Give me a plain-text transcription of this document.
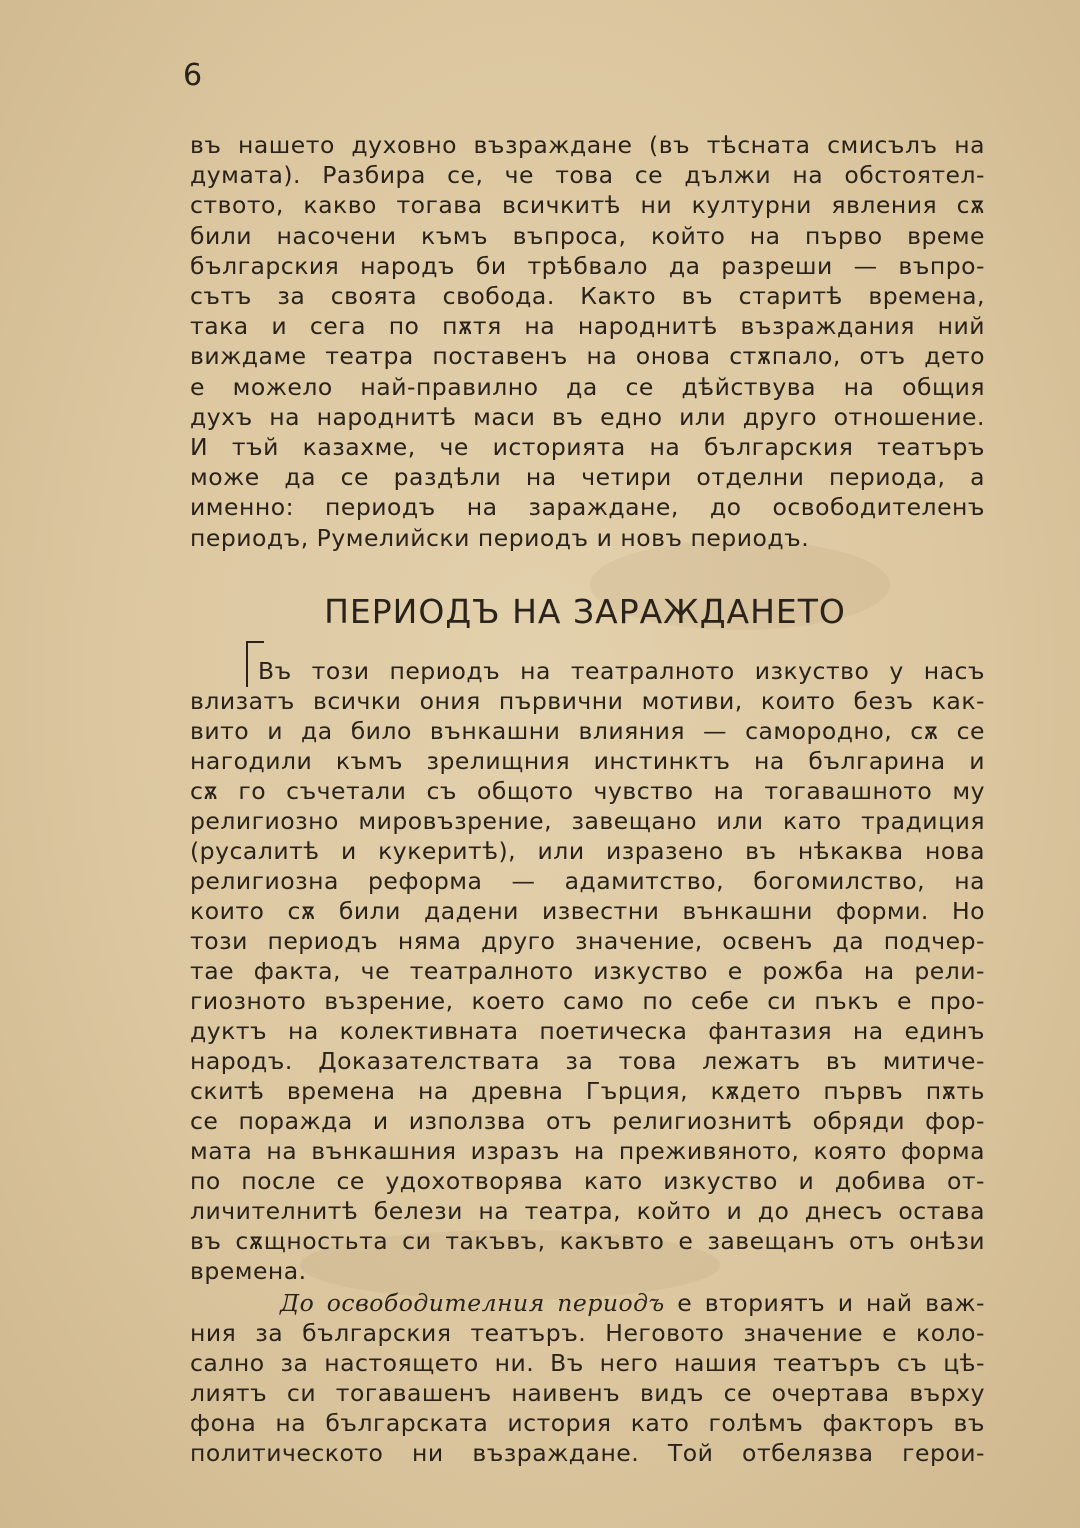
6
въ нашето духовно възраждане (въ тѣсната смисълъ на
думата). Разбира се, че това се дължи на обстоятел-
ството, какво тогава всичкитѣ ни културни явления сѫ
били насочени къмъ въпроса, който на първо време
българския народъ би трѣбвало да разреши — въпро-
сътъ за своята свобода. Както въ старитѣ времена,
така и сега по пѫтя на народнитѣ възраждания ний
виждаме театра поставенъ на онова стѫпало, отъ дето
е можело най-правилно да се дѣйствува на общия
духъ на народнитѣ маси въ едно или друго отношение.
И тъй казахме, че историята на българския театъръ
може да се раздѣли на четири отделни периода, а
именно: периодъ на зараждане, до освободителенъ
периодъ, Румелийски периодъ и новъ периодъ.
ПЕРИОДЪ НА ЗАРАЖДАНЕТО
Въ този периодъ на театралното изкуство у насъ
влизатъ всички ония първични мотиви, които безъ как-
вито и да било вънкашни влияния — самородно, сѫ се
нагодили къмъ зрелищния инстинктъ на българина и
сѫ го съчетали съ общото чувство на тогавашното му
религиозно мировъзрение, завещано или като традиция
(русалитѣ и кукеритѣ), или изразено въ нѣкаква нова
религиозна реформа — адамитство, богомилство, на
които сѫ били дадени известни вънкашни форми. Но
този периодъ няма друго значение, освенъ да подчер-
тае факта, че театралното изкуство е рожба на рели-
гиозното възрение, което само по себе си пъкъ е про-
дуктъ на колективната поетическа фантазия на единъ
народъ. Доказателствата за това лежатъ въ митиче-
скитѣ времена на древна Гърция, кѫдето първъ пѫть
се поражда и използва отъ религиознитѣ обряди фор-
мата на вънкашния изразъ на преживяното, която форма
по после се удохотворява като изкуство и добива от-
личителнитѣ белези на театра, който и до днесъ остава
въ сѫщностьта си такъвъ, какъвто е завещанъ отъ онѣзи
времена.
До освободителния периодъ е вториятъ и най важ-
ния за българския театъръ. Неговото значение е коло-
сално за настоящето ни. Въ него нашия театъръ съ цѣ-
лиятъ си тогавашенъ наивенъ видъ се очертава върху
фона на българската история като голѣмъ факторъ въ
политическото ни възраждане. Той отбелязва герои-
